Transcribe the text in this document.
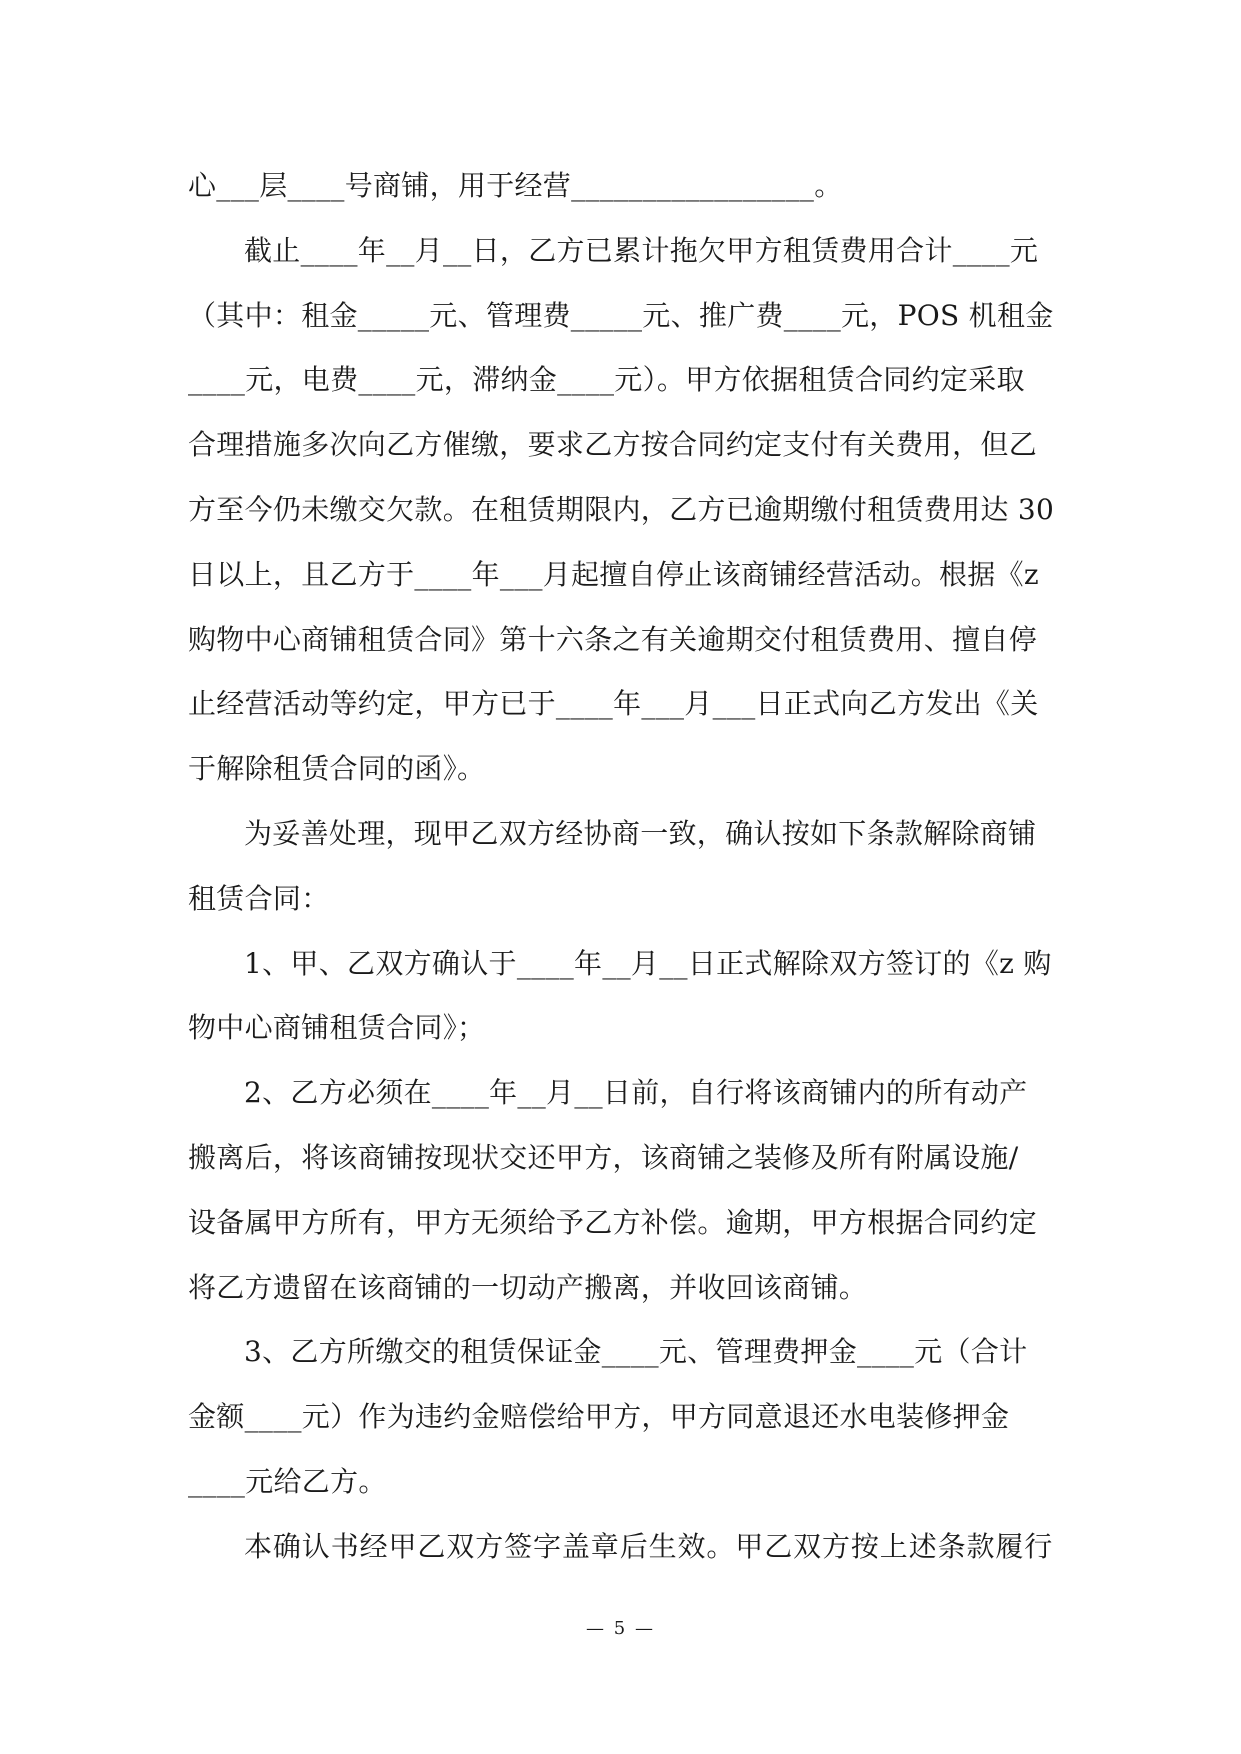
心___层____号商铺，用于经营_________________。
截止____年__月__日，乙方已累计拖欠甲方租赁费用合计____元
（其中：租金_____元、管理费_____元、推广费____元，POS 机租金
____元，电费____元，滞纳金____元）。甲方依据租赁合同约定采取
合理措施多次向乙方催缴，要求乙方按合同约定支付有关费用，但乙
方至今仍未缴交欠款。在租赁期限内，乙方已逾期缴付租赁费用达 30
日以上，且乙方于____年___月起擅自停止该商铺经营活动。根据《z
购物中心商铺租赁合同》第十六条之有关逾期交付租赁费用、擅自停
止经营活动等约定，甲方已于____年___月___日正式向乙方发出《关
于解除租赁合同的函》。
为妥善处理，现甲乙双方经协商一致，确认按如下条款解除商铺
租赁合同：
1、甲、乙双方确认于____年__月__日正式解除双方签订的《z 购
物中心商铺租赁合同》；
2、乙方必须在____年__月__日前，自行将该商铺内的所有动产
搬离后，将该商铺按现状交还甲方，该商铺之装修及所有附属设施/
设备属甲方所有，甲方无须给予乙方补偿。逾期，甲方根据合同约定
将乙方遗留在该商铺的一切动产搬离，并收回该商铺。
3、乙方所缴交的租赁保证金____元、管理费押金____元（合计
金额____元）作为违约金赔偿给甲方，甲方同意退还水电装修押金
____元给乙方。
本确认书经甲乙双方签字盖章后生效。甲乙双方按上述条款履行
— 5 —
